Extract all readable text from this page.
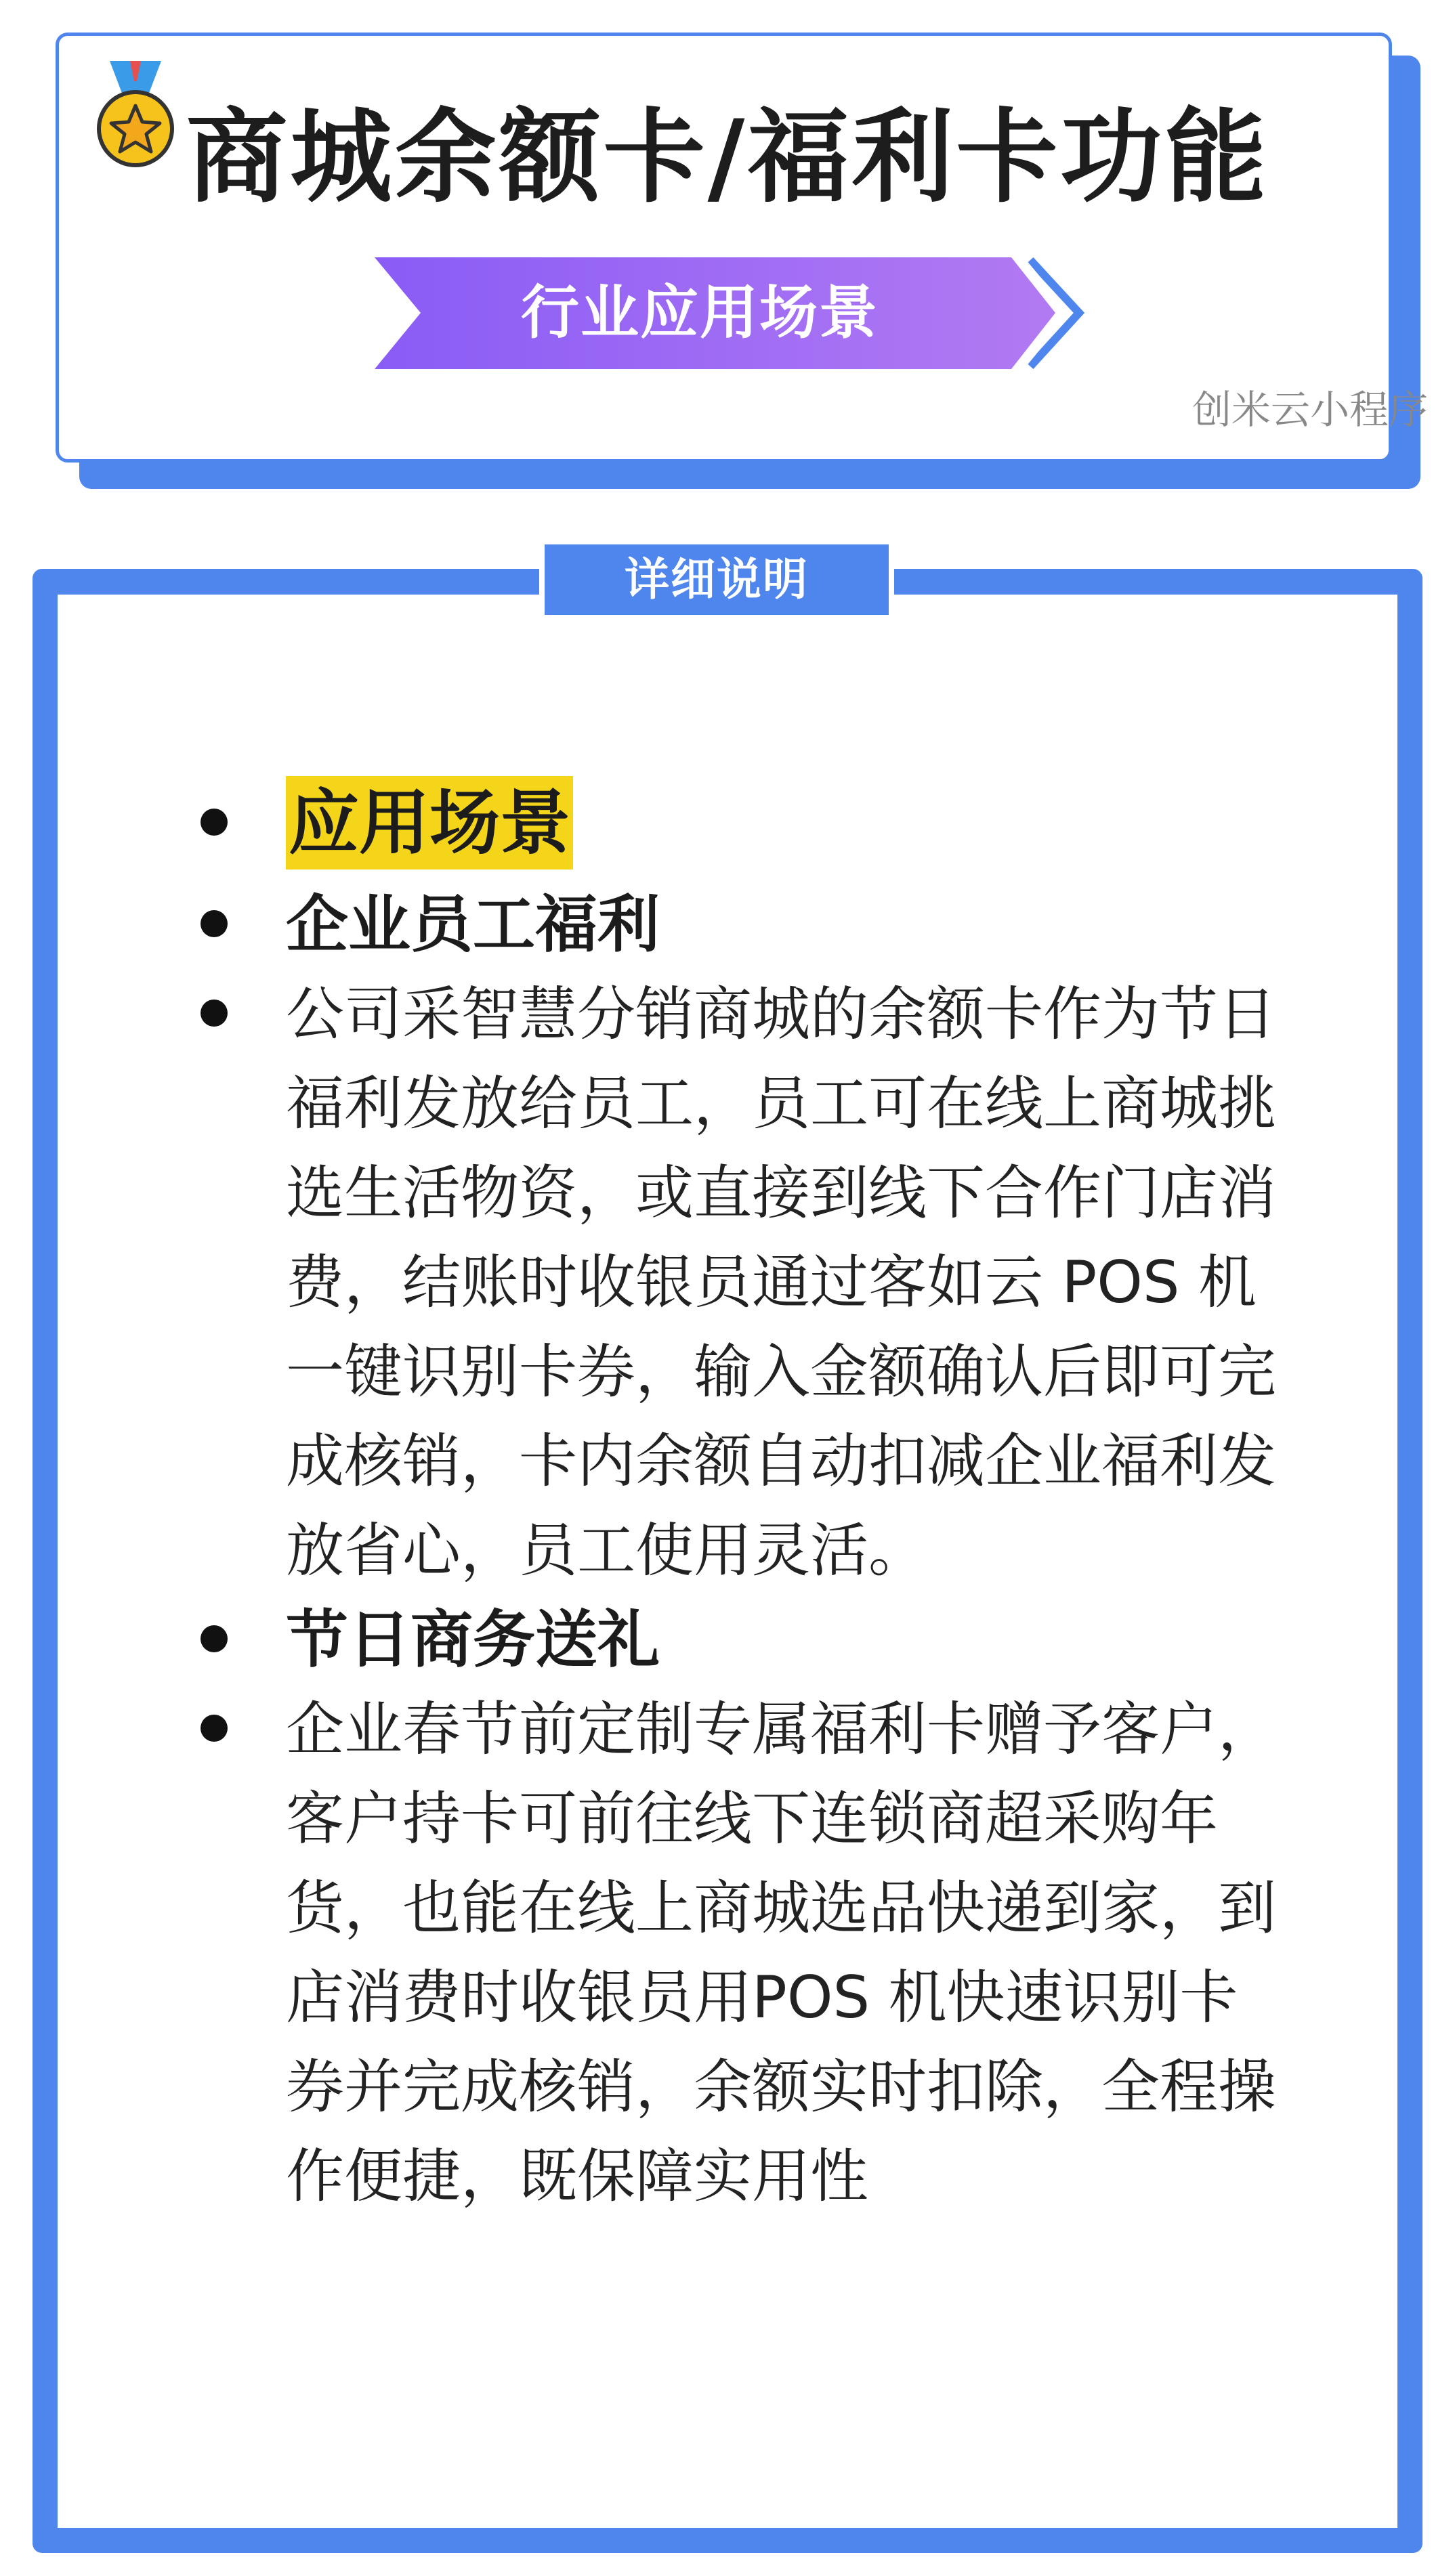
商城余额卡/福利卡功能
行业应用场景
创米云小程序
详细说明
应用场景
企业员工福利
公司采智慧分销商城的余额卡作为节日福利发放给员工，员工可在线上商城挑选生活物资，或直接到线下合作门店消费，结账时收银员通过客如云 POS 机一键识别卡券，输入金额确认后即可完成核销，卡内余额自动扣减企业福利发放省心，员工使用灵活。
节日商务送礼
企业春节前定制专属福利卡赠予客户，客户持卡可前往线下连锁商超采购年货，也能在线上商城选品快递到家，到店消费时收银员用POS 机快速识别卡券并完成核销，余额实时扣除，全程操作便捷，既保障实用性
